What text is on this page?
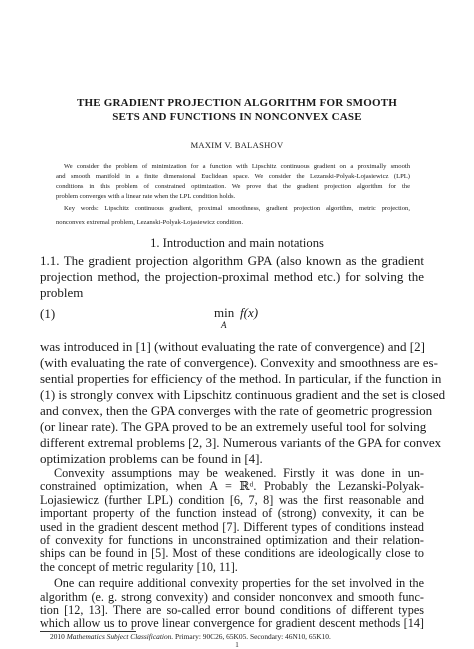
THE GRADIENT PROJECTION ALGORITHM FOR SMOOTH
SETS AND FUNCTIONS IN NONCONVEX CASE
MAXIM V. BALASHOV
We consider the problem of minimization for a function with Lipschitz continuous gradient on a proximally smooth
and smooth manifold in a finite dimensional Euclidean space. We consider the Lezanski-Polyak-Lojasiewicz (LPL)
conditions in this problem of constrained optimization. We prove that the gradient projection algorithm for the
problem converges with a linear rate when the LPL condition holds.
Key words: Lipschitz continuous gradient, proximal smoothness, gradient projection algorithm, metric projection,
nonconvex extremal problem, Lezanski-Polyak-Lojasiewicz condition.
1. Introduction and main notations
1.1. The gradient projection algorithm GPA (also known as the gradient
projection method, the projection-proximal method etc.) for solving the
problem
(1)	min
A
f(x)
was introduced in [1] (without evaluating the rate of convergence) and [2]
(with evaluating the rate of convergence). Convexity and smoothness are es-
sential properties for efficiency of the method. In particular, if the function in
(1) is strongly convex with Lipschitz continuous gradient and the set is closed
and convex, then the GPA converges with the rate of geometric progression
(or linear rate). The GPA proved to be an extremely useful tool for solving
different extremal problems [2, 3]. Numerous variants of the GPA for convex
optimization problems can be found in [4].
Convexity assumptions may be weakened. Firstly it was done in un-
constrained optimization, when A = ℝᵈ. Probably the Lezanski-Polyak-
Lojasiewicz (further LPL) condition [6, 7, 8] was the first reasonable and
important property of the function instead of (strong) convexity, it can be
used in the gradient descent method [7]. Different types of conditions instead
of convexity for functions in unconstrained optimization and their relation-
ships can be found in [5]. Most of these conditions are ideologically close to
the concept of metric regularity [10, 11].
One can require additional convexity properties for the set involved in the
algorithm (e. g. strong convexity) and consider nonconvex and smooth func-
tion [12, 13]. There are so-called error bound conditions of different types
which allow us to prove linear convergence for gradient descent methods [14]
1
2010 Mathematics Subject Classification. Primary: 90C26, 65K05. Secondary: 46N10, 65K10.
